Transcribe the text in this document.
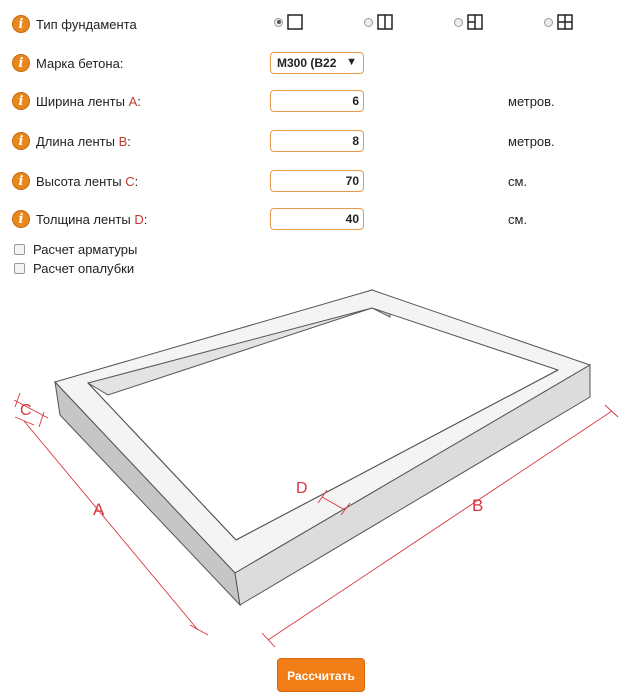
i Тип фундамента
i Марка бетона:	М300 (В22 ▼
i Ширина ленты A:	6	метров.
i Длина ленты B:	8	метров.
i Высота ленты C:	70	см.
i Толщина ленты D:	40	см.
Расчет арматуры
Расчет опалубки
C
A	B
D
Рассчитать
